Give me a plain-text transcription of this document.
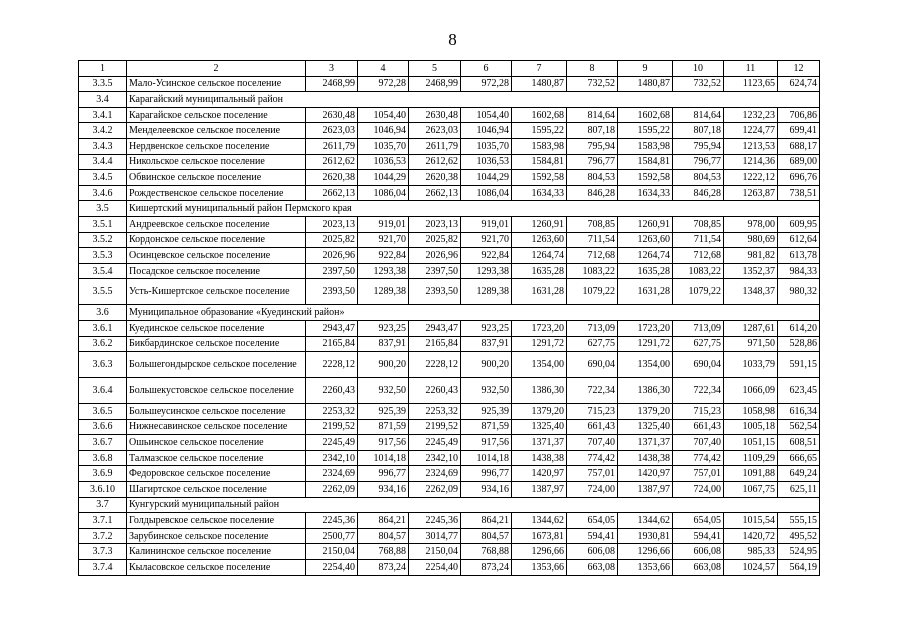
8
1	2	3	4	5	6	7	8	9	10	11	12
3.3.5	Мало-Усинское сельское поселение	2468,99	972,28	2468,99	972,28	1480,87	732,52	1480,87	732,52	1123,65	624,74
3.4	Карагайский муниципальный район										
3.4.1	Карагайское сельское поселение	2630,48	1054,40	2630,48	1054,40	1602,68	814,64	1602,68	814,64	1232,23	706,86
3.4.2	Менделеевское сельское поселение	2623,03	1046,94	2623,03	1046,94	1595,22	807,18	1595,22	807,18	1224,77	699,41
3.4.3	Нердвенское сельское поселение	2611,79	1035,70	2611,79	1035,70	1583,98	795,94	1583,98	795,94	1213,53	688,17
3.4.4	Никольское сельское поселение	2612,62	1036,53	2612,62	1036,53	1584,81	796,77	1584,81	796,77	1214,36	689,00
3.4.5	Обвинское сельское поселение	2620,38	1044,29	2620,38	1044,29	1592,58	804,53	1592,58	804,53	1222,12	696,76
3.4.6	Рождественское сельское поселение	2662,13	1086,04	2662,13	1086,04	1634,33	846,28	1634,33	846,28	1263,87	738,51
3.5	Кишертский муниципальный район Пермского края										
3.5.1	Андреевское сельское поселение	2023,13	919,01	2023,13	919,01	1260,91	708,85	1260,91	708,85	978,00	609,95
3.5.2	Кордонское сельское поселение	2025,82	921,70	2025,82	921,70	1263,60	711,54	1263,60	711,54	980,69	612,64
3.5.3	Осинцевское сельское поселение	2026,96	922,84	2026,96	922,84	1264,74	712,68	1264,74	712,68	981,82	613,78
3.5.4	Посадское сельское поселение	2397,50	1293,38	2397,50	1293,38	1635,28	1083,22	1635,28	1083,22	1352,37	984,33
3.5.5	Усть-Кишертское сельское поселение	2393,50	1289,38	2393,50	1289,38	1631,28	1079,22	1631,28	1079,22	1348,37	980,32
3.6	Муниципальное образование «Куединский район»										
3.6.1	Куединское сельское поселение	2943,47	923,25	2943,47	923,25	1723,20	713,09	1723,20	713,09	1287,61	614,20
3.6.2	Бикбардинское сельское поселение	2165,84	837,91	2165,84	837,91	1291,72	627,75	1291,72	627,75	971,50	528,86
3.6.3	Большегондырское сельское поселение	2228,12	900,20	2228,12	900,20	1354,00	690,04	1354,00	690,04	1033,79	591,15
3.6.4	Большекустовское сельское поселение	2260,43	932,50	2260,43	932,50	1386,30	722,34	1386,30	722,34	1066,09	623,45
3.6.5	Большеусинское сельское поселение	2253,32	925,39	2253,32	925,39	1379,20	715,23	1379,20	715,23	1058,98	616,34
3.6.6	Нижнесавинское сельское поселение	2199,52	871,59	2199,52	871,59	1325,40	661,43	1325,40	661,43	1005,18	562,54
3.6.7	Ошьинское сельское поселение	2245,49	917,56	2245,49	917,56	1371,37	707,40	1371,37	707,40	1051,15	608,51
3.6.8	Талмазское сельское поселение	2342,10	1014,18	2342,10	1014,18	1438,38	774,42	1438,38	774,42	1109,29	666,65
3.6.9	Федоровское сельское поселение	2324,69	996,77	2324,69	996,77	1420,97	757,01	1420,97	757,01	1091,88	649,24
3.6.10	Шагиртское сельское поселение	2262,09	934,16	2262,09	934,16	1387,97	724,00	1387,97	724,00	1067,75	625,11
3.7	Кунгурский муниципальный район										
3.7.1	Голдыревское сельское поселение	2245,36	864,21	2245,36	864,21	1344,62	654,05	1344,62	654,05	1015,54	555,15
3.7.2	Зарубинское сельское поселение	2500,77	804,57	3014,77	804,57	1673,81	594,41	1930,81	594,41	1420,72	495,52
3.7.3	Калининское сельское поселение	2150,04	768,88	2150,04	768,88	1296,66	606,08	1296,66	606,08	985,33	524,95
3.7.4	Кыласовское сельское поселение	2254,40	873,24	2254,40	873,24	1353,66	663,08	1353,66	663,08	1024,57	564,19
